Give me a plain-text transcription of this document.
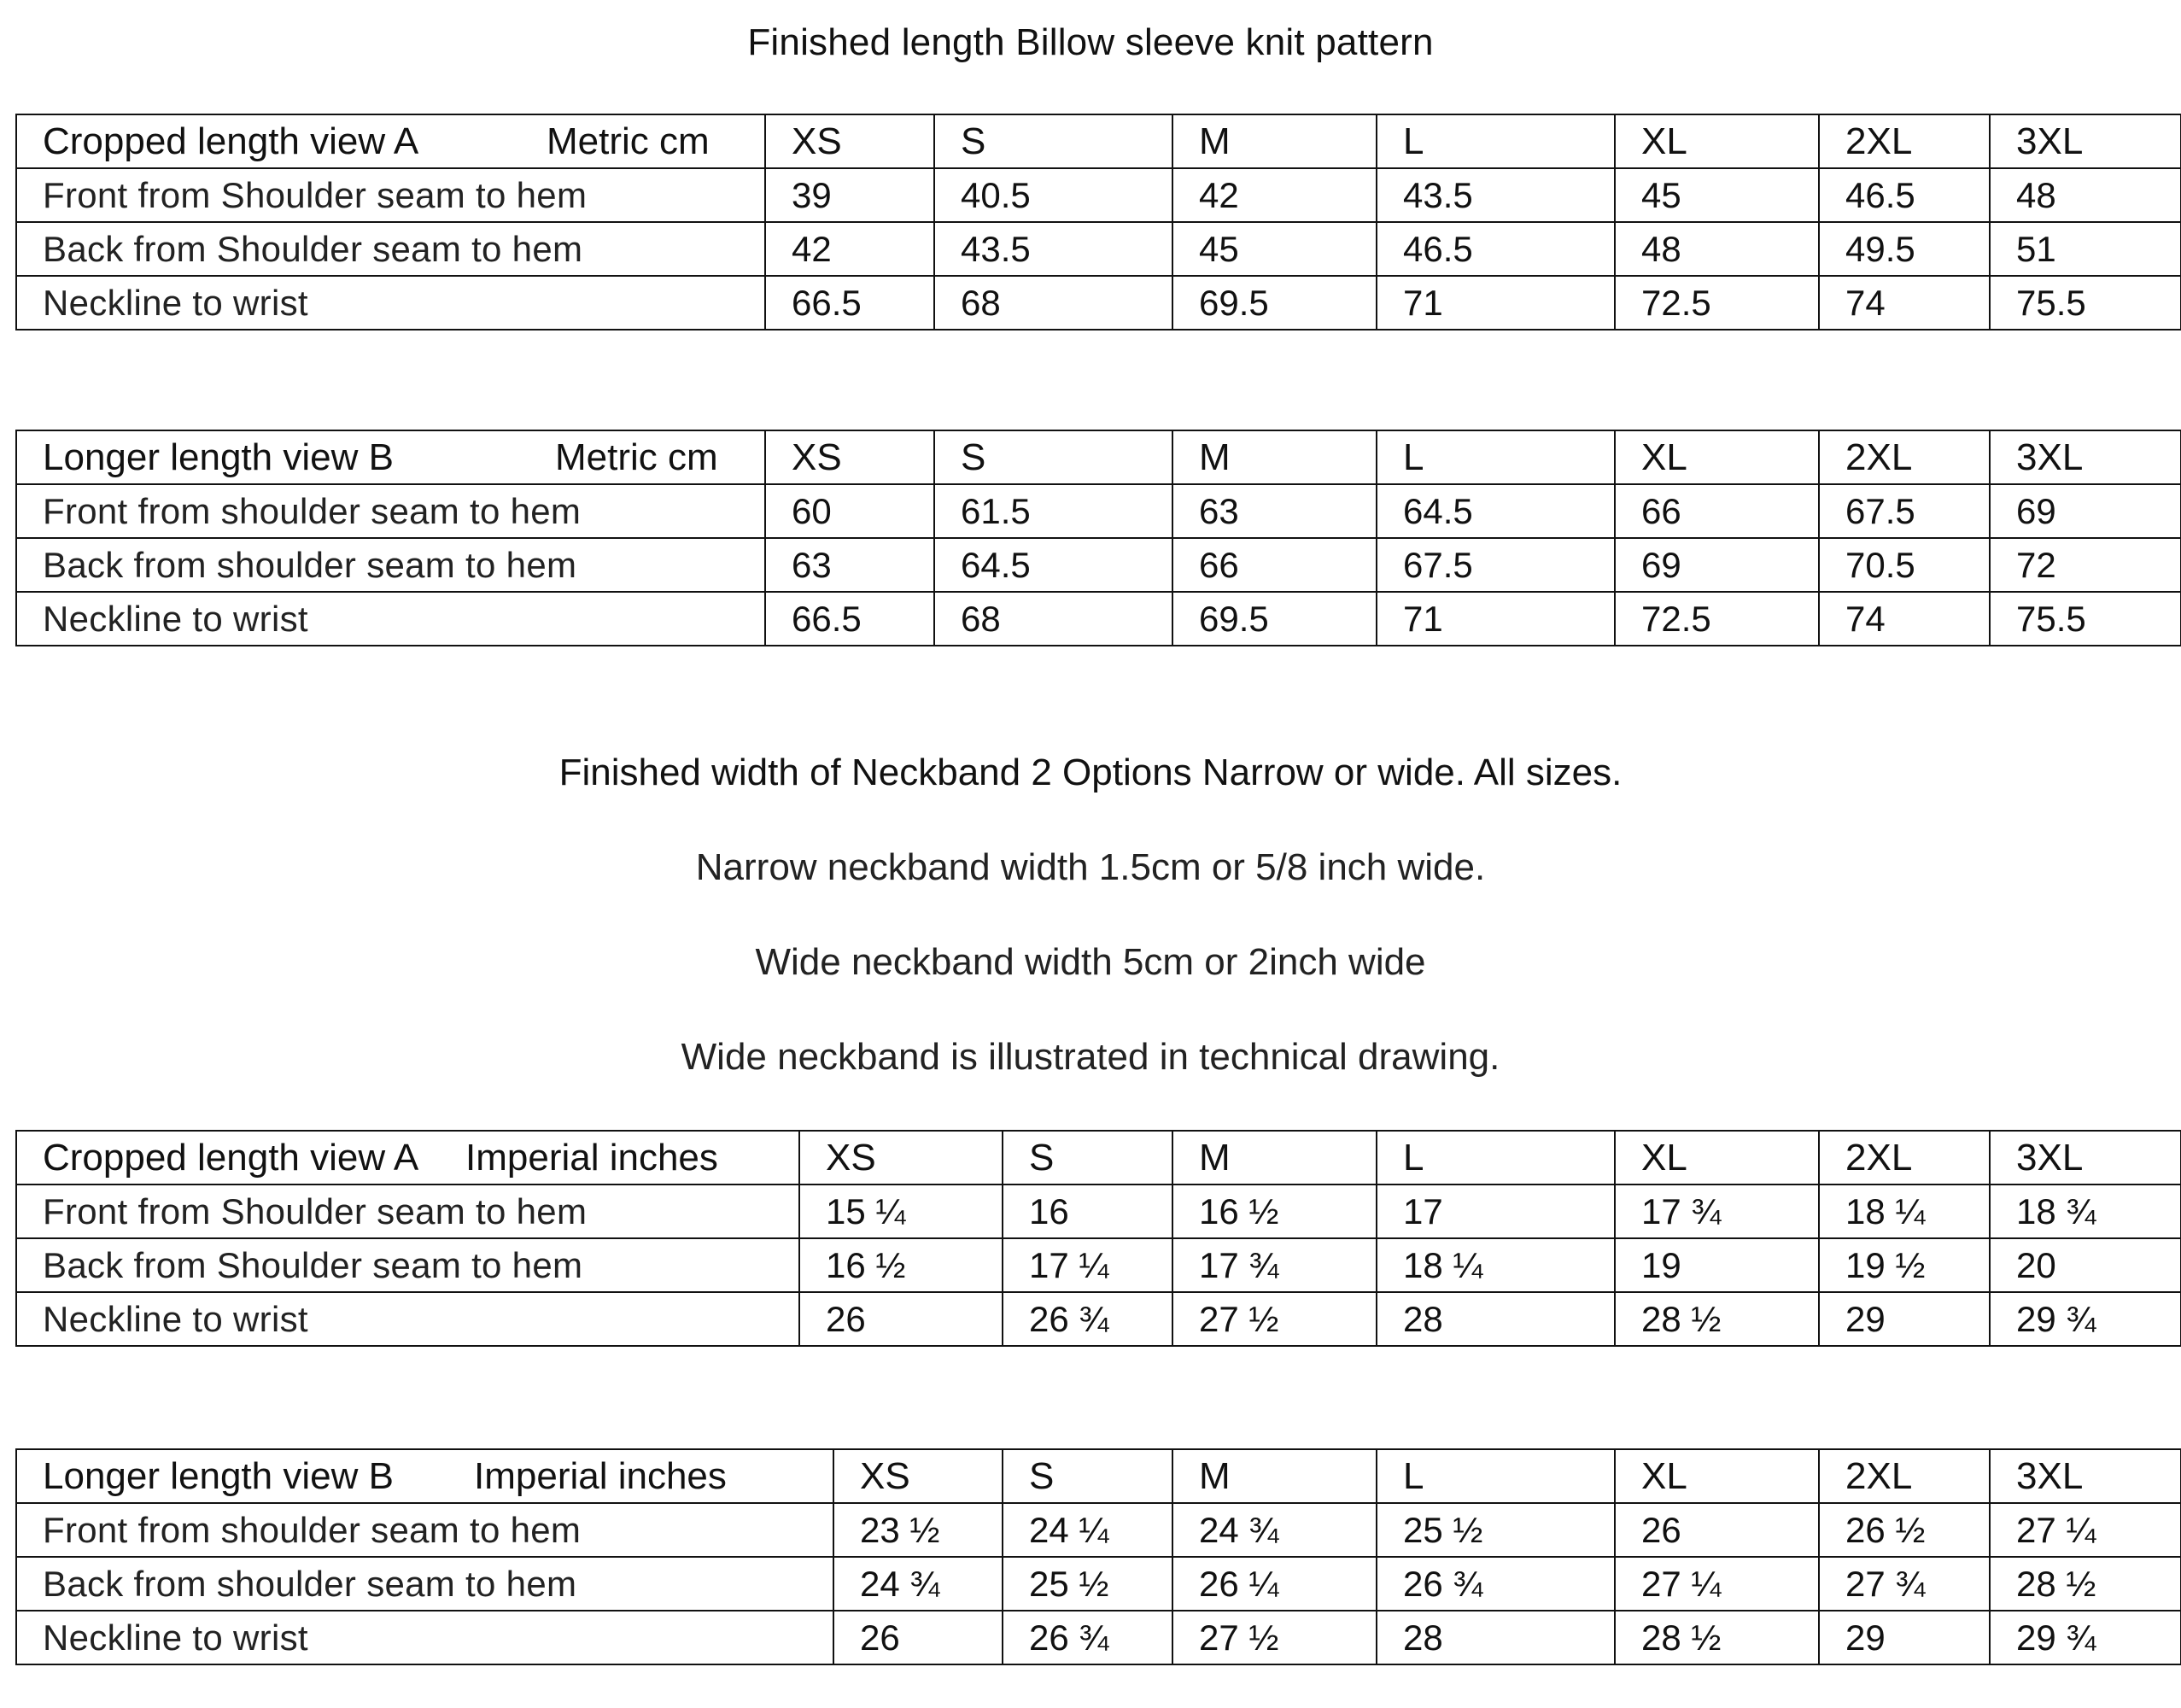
Finished length Billow sleeve knit pattern
Cropped length view A Metric cm	XS	S	M	L	XL	2XL	3XL
Front from Shoulder seam to hem	39	40.5	42	43.5	45	46.5	48
Back from Shoulder seam to hem	42	43.5	45	46.5	48	49.5	51
Neckline to wrist	66.5	68	69.5	71	72.5	74	75.5
Longer length view B Metric cm	XS	S	M	L	XL	2XL	3XL
Front from shoulder seam to hem	60	61.5	63	64.5	66	67.5	69
Back from shoulder seam to hem	63	64.5	66	67.5	69	70.5	72
Neckline to wrist	66.5	68	69.5	71	72.5	74	75.5
Finished width of Neckband 2 Options Narrow or wide. All sizes.

Narrow neckband width 1.5cm or 5/8 inch wide.

Wide neckband width 5cm or 2inch wide

Wide neckband is illustrated in technical drawing.

Cropped length view A Imperial inches	XS	S	M	L	XL	2XL	3XL
Front from Shoulder seam to hem	15 ¼	16	16 ½	17	17 ¾	18 ¼	18 ¾
Back from Shoulder seam to hem	16 ½	17 ¼	17 ¾	18 ¼	19	19 ½	20
Neckline to wrist	26	26 ¾	27 ½	28	28 ½	29	29 ¾
Longer length view B Imperial inches	XS	S	M	L	XL	2XL	3XL
Front from shoulder seam to hem	23 ½	24 ¼	24 ¾	25 ½	26	26 ½	27 ¼
Back from shoulder seam to hem	24 ¾	25 ½	26 ¼	26 ¾	27 ¼	27 ¾	28 ½
Neckline to wrist	26	26 ¾	27 ½	28	28 ½	29	29 ¾
